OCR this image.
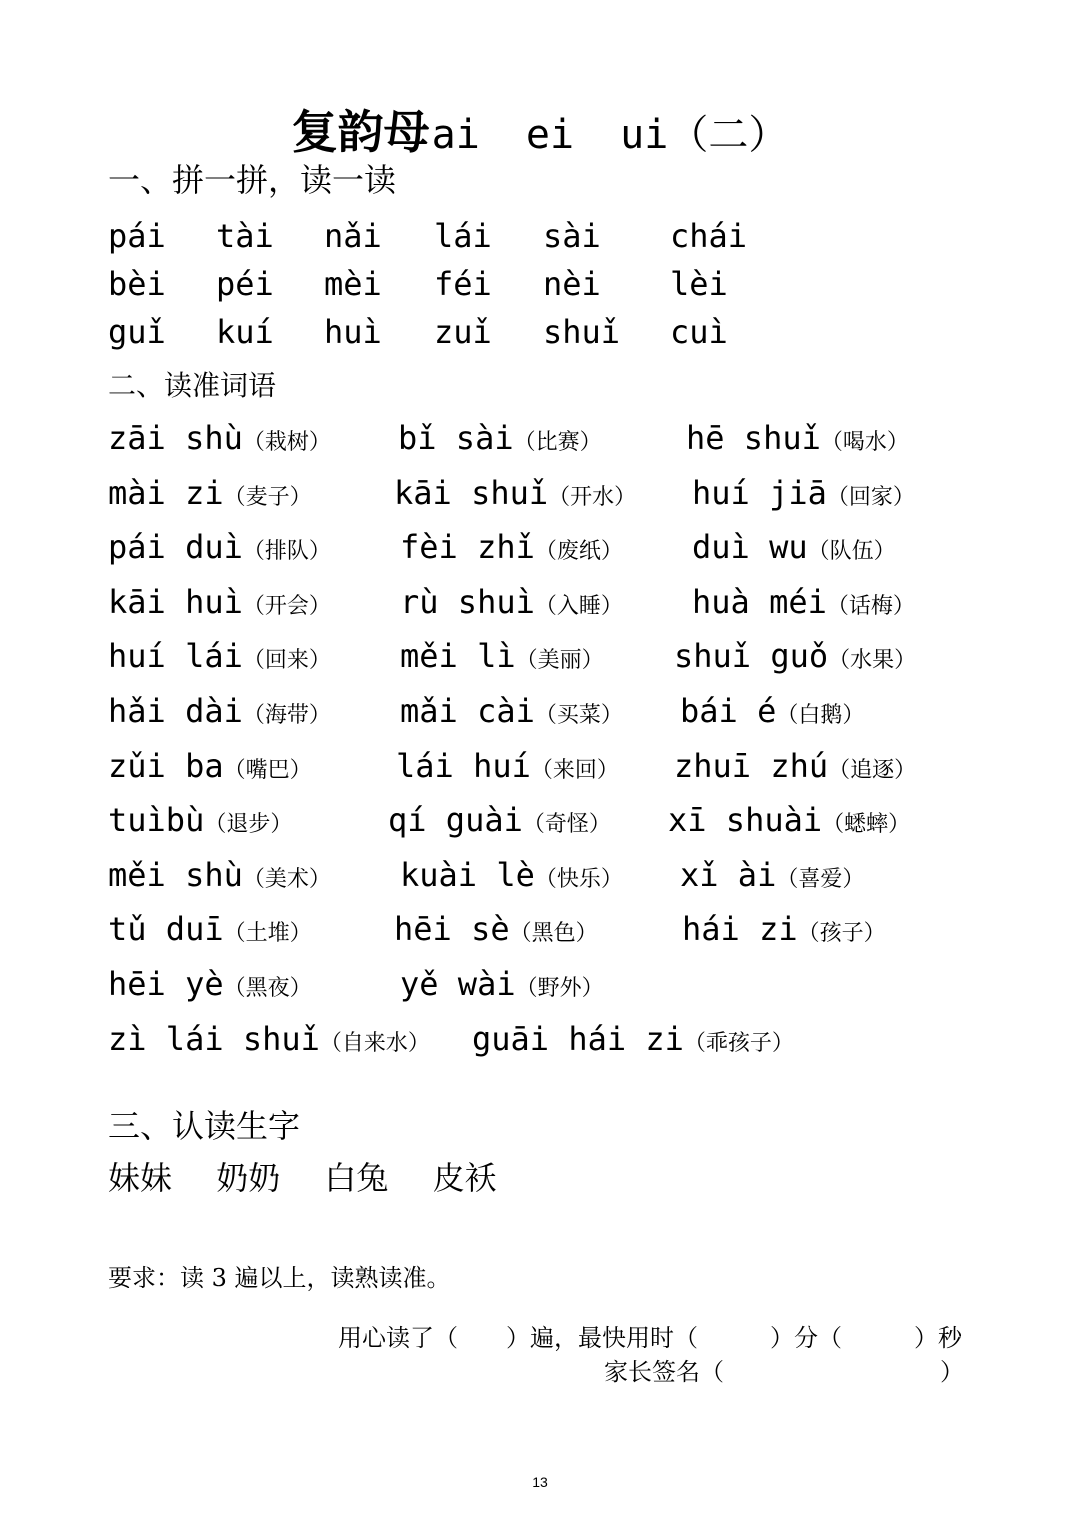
复韵母ai ei ui（二）
一、拼一拼，读一读
pái tài nǎi lái sài chái
bèi péi mèi féi nèi lèi
guǐ kuí huì zuǐ shuǐ cuì
二、读准词语
zāi shù（栽树） bǐ sài（比赛）	hē shuǐ（喝水）
mài zi（麦子）	kāi shuǐ（开水） huí jiā（回家）
pái duì（排队） fèi zhǐ（废纸） duì wu（队伍）
kāi huì（开会） rù shuì（入睡） huà méi（话梅）
huí lái（回来） měi lì（美丽） shuǐ guǒ（水果）
hǎi dài（海带） mǎi cài（买菜） bái é（白鹅）
zǔi ba（嘴巴）	lái huí（来回） zhuī zhú（追逐）
tuìbù（退步）	qí guài（奇怪） xī shuài（蟋蟀）
měi shù（美术） kuài lè（快乐） xǐ ài（喜爱）
tǔ duī（土堆）	hēi sè（黑色）	hái zi（孩子）
hēi yè（黑夜）	yě wài（野外）
zì lái shuǐ（自来水） guāi hái zi（乖孩子）
三、认读生字
妹妹 奶奶 白兔 皮袄
要求：读 3 遍以上，读熟读准。
用心读了（　　）遍，最快用时（　　　）分（　　　）秒
家长签名（　　　　　　　　　）
13
